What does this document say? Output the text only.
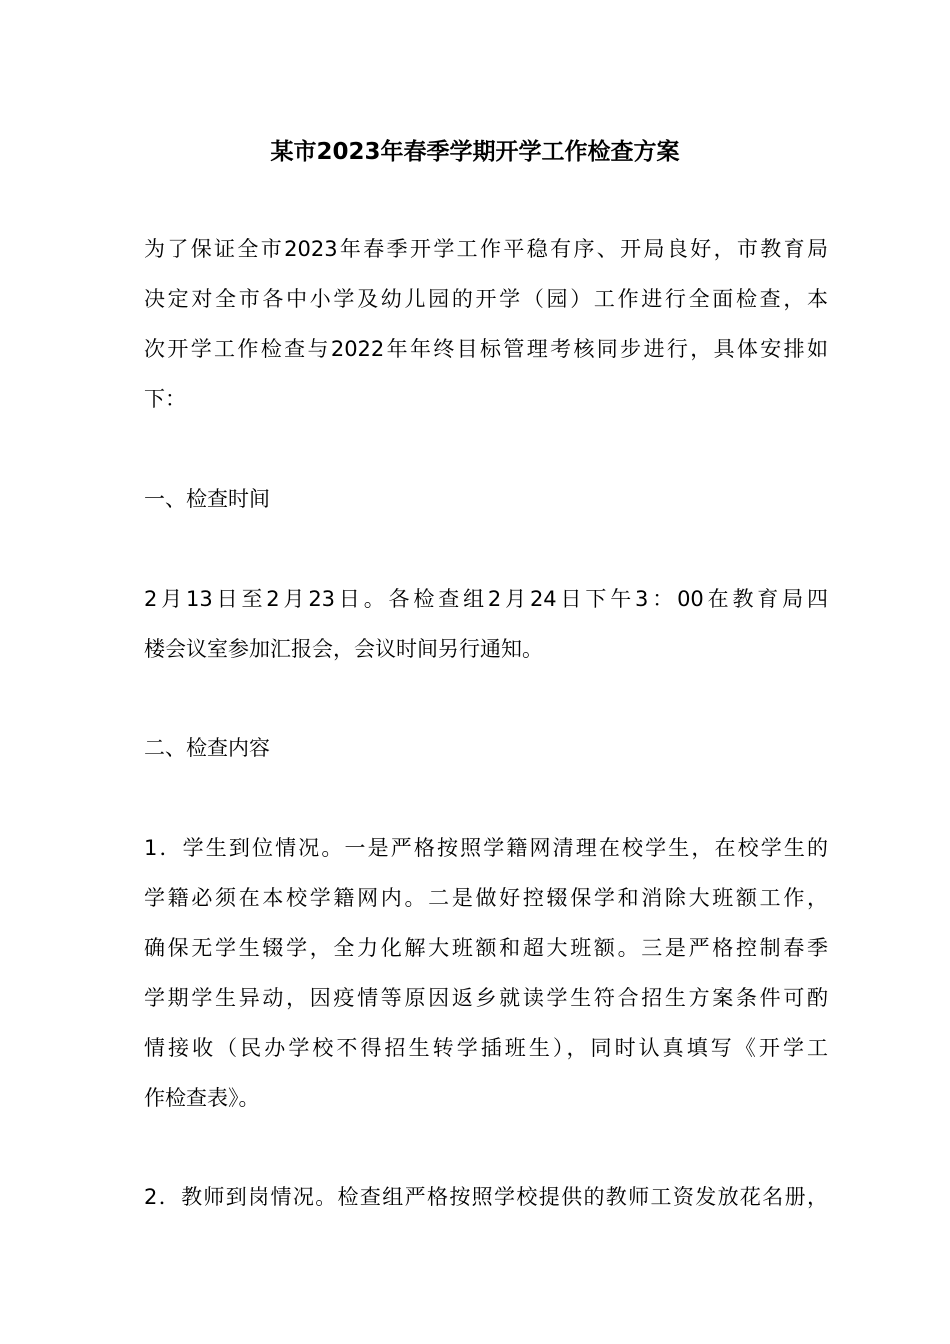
某市2023年春季学期开学工作检查方案
为了保证全市2023年春季开学工作平稳有序、开局良好，市教育局
决定对全市各中小学及幼儿园的开学（园）工作进行全面检查，本
次开学工作检查与2022年年终目标管理考核同步进行，具体安排如
下：
一、检查时间
2月13日至2月23日。各检查组2月24日下午3：00在教育局四
楼会议室参加汇报会，会议时间另行通知。
二、检查内容
1．学生到位情况。一是严格按照学籍网清理在校学生，在校学生的
学籍必须在本校学籍网内。二是做好控辍保学和消除大班额工作，
确保无学生辍学，全力化解大班额和超大班额。三是严格控制春季
学期学生异动，因疫情等原因返乡就读学生符合招生方案条件可酌
情接收（民办学校不得招生转学插班生），同时认真填写《开学工
作检查表》。
2．教师到岗情况。检查组严格按照学校提供的教师工资发放花名册，
